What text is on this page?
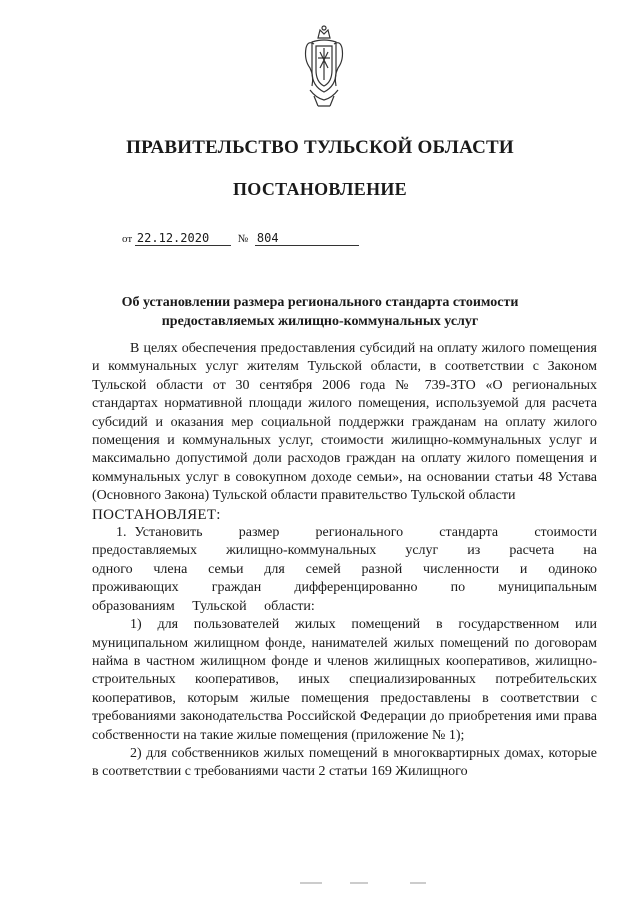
ПРАВИТЕЛЬСТВО ТУЛЬСКОЙ ОБЛАСТИ
ПОСТАНОВЛЕНИЕ
от 22.12.2020	№ 804
Об установлении размера регионального стандарта стоимости
предоставляемых жилищно-коммунальных услуг

В целях обеспечения предоставления субсидий на оплату жилого помещения и коммунальных услуг жителям Тульской области, в соответствии с Законом Тульской области от 30 сентября 2006 года № 739-ЗТО «О региональных стандартах нормативной площади жилого помещения, используемой для расчета субсидий и оказания мер социальной поддержки гражданам на оплату жилого помещения и коммунальных услуг, стоимости жилищно-коммунальных услуг и максимально допустимой доли расходов граждан на оплату жилого помещения и коммунальных услуг в совокупном доходе семьи», на основании статьи 48 Устава (Основного Закона) Тульской области правительство Тульской области

ПОСТАНОВЛЯЕТ:

1. Установить размер регионального стандарта стоимости предоставляемых жилищно-коммунальных услуг из расчета на одного члена семьи для семей разной численности и одиноко проживающих граждан дифференцированно по муниципальным образованиям Тульской области:

1) для пользователей жилых помещений в государственном или муниципальном жилищном фонде, нанимателей жилых помещений по договорам найма в частном жилищном фонде и членов жилищных кооперативов, жилищно-строительных кооперативов, иных специализированных потребительских кооперативов, которым жилые помещения предоставлены в соответствии с требованиями законодательства Российской Федерации до приобретения ими права собственности на такие жилые помещения (приложение № 1);

2) для собственников жилых помещений в многоквартирных домах, которые в соответствии с требованиями части 2 статьи 169 Жилищного
